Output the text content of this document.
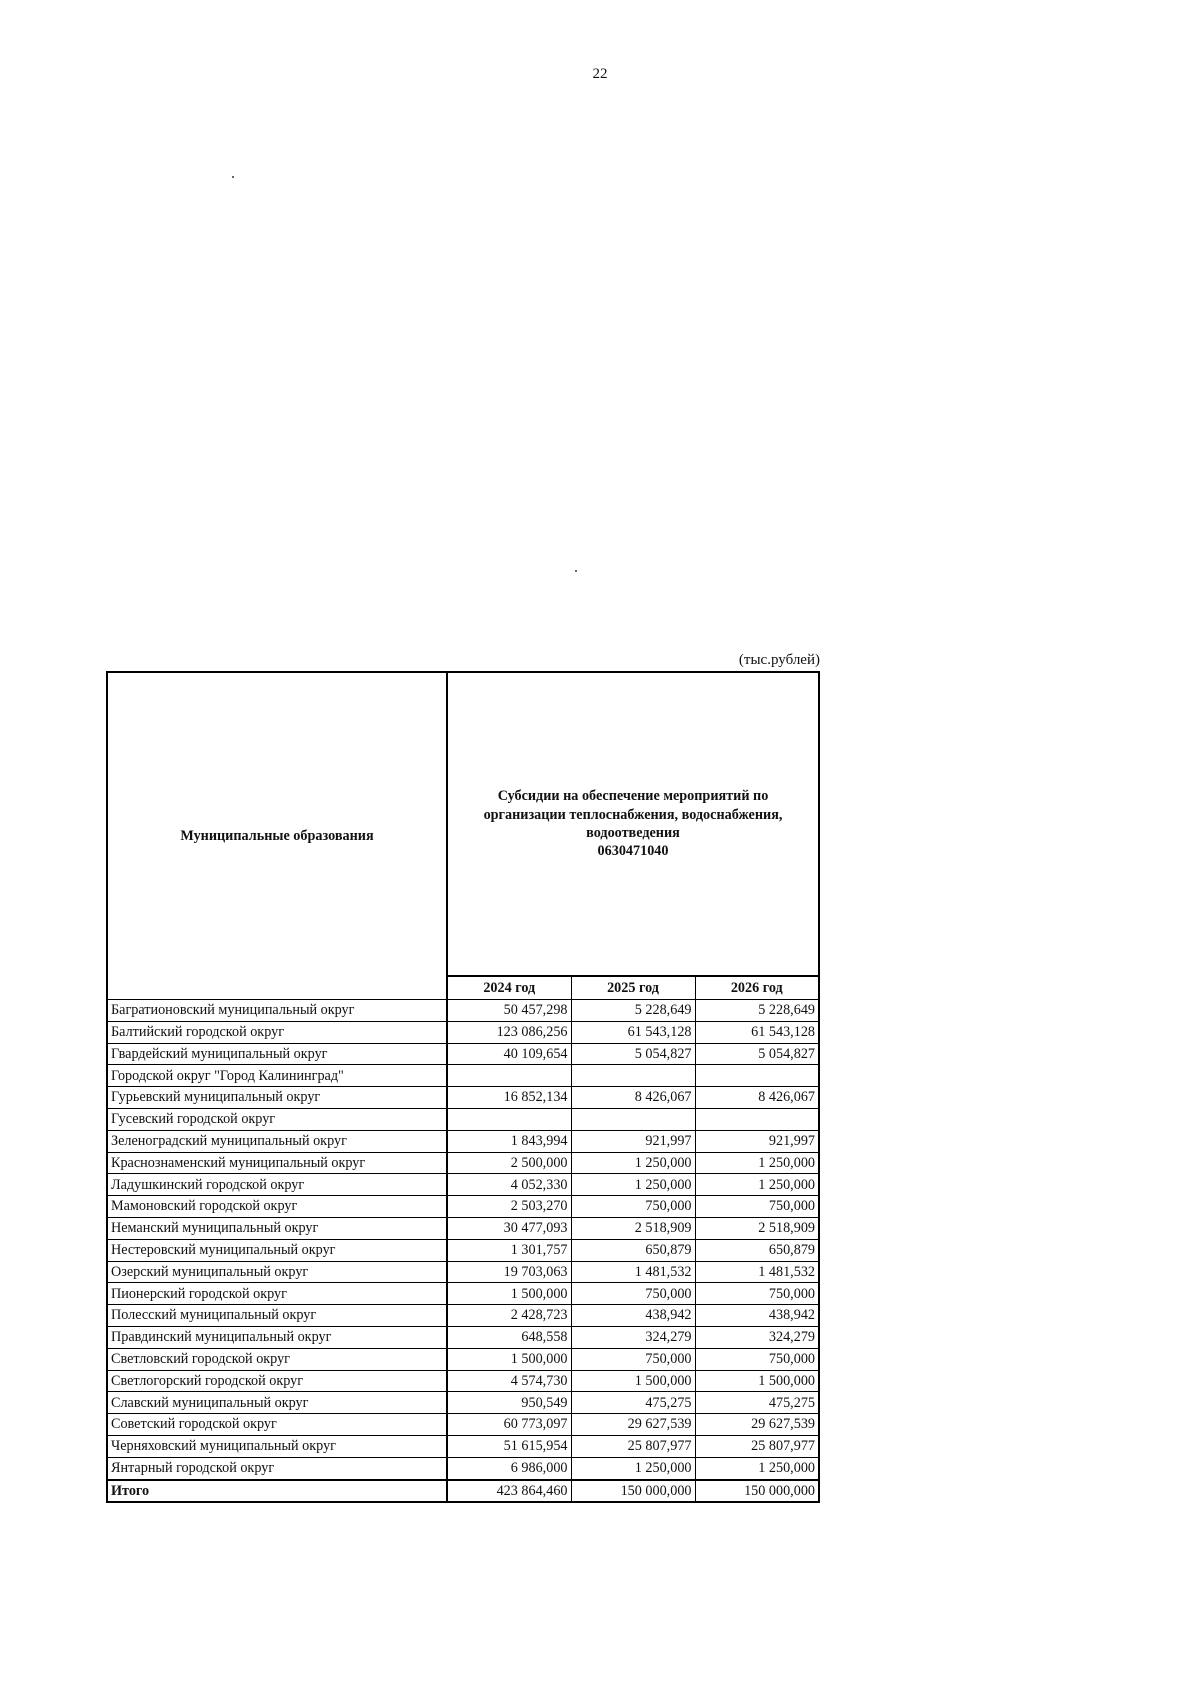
22
(тыс.рублей)
Муниципальные образования	Субсидии на обеспечение мероприятий по организации теплоснабжения, водоснабжения, водоотведения
0630471040		

	2024 год	2025 год	2026 год
Багратионовский муниципальный округ	50 457,298	5 228,649	5 228,649
Балтийский городской округ	123 086,256	61 543,128	61 543,128
Гвардейский муниципальный округ	40 109,654	5 054,827	5 054,827
Городской округ "Город Калининград"			
Гурьевский муниципальный округ	16 852,134	8 426,067	8 426,067
Гусевский городской округ			
Зеленоградский муниципальный округ	1 843,994	921,997	921,997
Краснознаменский муниципальный округ	2 500,000	1 250,000	1 250,000
Ладушкинский городской округ	4 052,330	1 250,000	1 250,000
Мамоновский городской округ	2 503,270	750,000	750,000
Неманский муниципальный округ	30 477,093	2 518,909	2 518,909
Нестеровский муниципальный округ	1 301,757	650,879	650,879
Озерский муниципальный округ	19 703,063	1 481,532	1 481,532
Пионерский городской округ	1 500,000	750,000	750,000
Полесский муниципальный округ	2 428,723	438,942	438,942
Правдинский муниципальный округ	648,558	324,279	324,279
Светловский городской округ	1 500,000	750,000	750,000
Светлогорский городской округ	4 574,730	1 500,000	1 500,000
Славский муниципальный округ	950,549	475,275	475,275
Советский городской округ	60 773,097	29 627,539	29 627,539
Черняховский муниципальный округ	51 615,954	25 807,977	25 807,977
Янтарный городской округ	6 986,000	1 250,000	1 250,000
Итого	423 864,460	150 000,000	150 000,000
